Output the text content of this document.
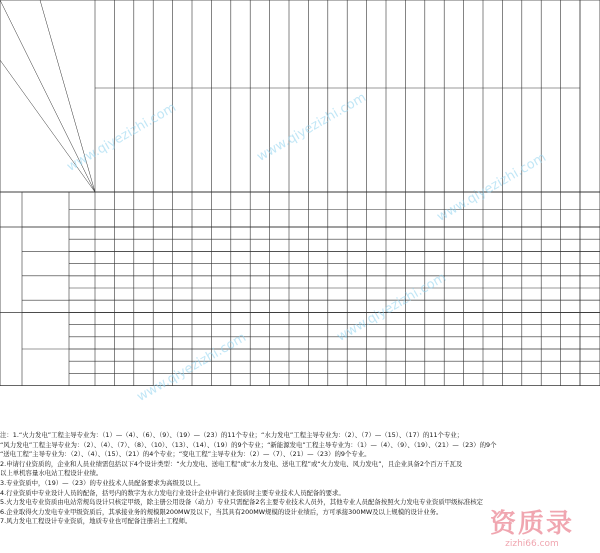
注：1.“火力发电”工程主导专业为：（1）—（4）、（6）、（9）、（19）—（23）的11个专业；“水力发电”工程主导专业为：（2）、（7）—（15）、（17）的11个专业；
“风力发电”工程主导专业为：（2）、（4）、（7）、（8）、（10）、（13）、（14）、（19）的9个专业；“新能源发电”工程主导专业为：（1）—（4）、（9）、（19）、（21）—（23）的9个
“送电工程”主导专业为：（2）、（4）、（15）、（21）的4个专业；“变电工程”主导专业为：（2）—（7）、（21）—（23）的9个专业。
2.申请行业资质的，企业和人员业绩需包括以下4个设计类型：“火力发电、送电工程”或“水力发电、送电工程”或“火力发电、风力发电”，且企业具备2个百万千瓦及
以上单机容量水电站工程设计业绩。
3.专业资质中，（19）—（23）的专业技术人员配备要求为高级及以上。
4.行业资质中专业设计人员的配备，括号内的数字为水力发电行业设计企业申请行业资质时主要专业技术人员配备的要求。
5.火力发电专业资质由电站常规岛设计只核定甲级，除主册公用设备（动力）专业只需配备2名主要专业技术人员外，其他专业人员配备按照火力发电专业资质甲级标准核定
6.企业取得火力发电专业甲级资质后，其承接业务的规模限200MW及以下，当其具有200MW规模的设计业绩后，方可承接300MW及以上规模的设计业务。
7.风力发电工程设计专业资质，地质专业也可配备注册岩土工程师。
www.qiyezizhi.com	www.qiyezizhi.com
www.qiyezizhi.com
www.qiyezizhi.com
www.qiyezizhi.com
资质录
zizhi66.com
